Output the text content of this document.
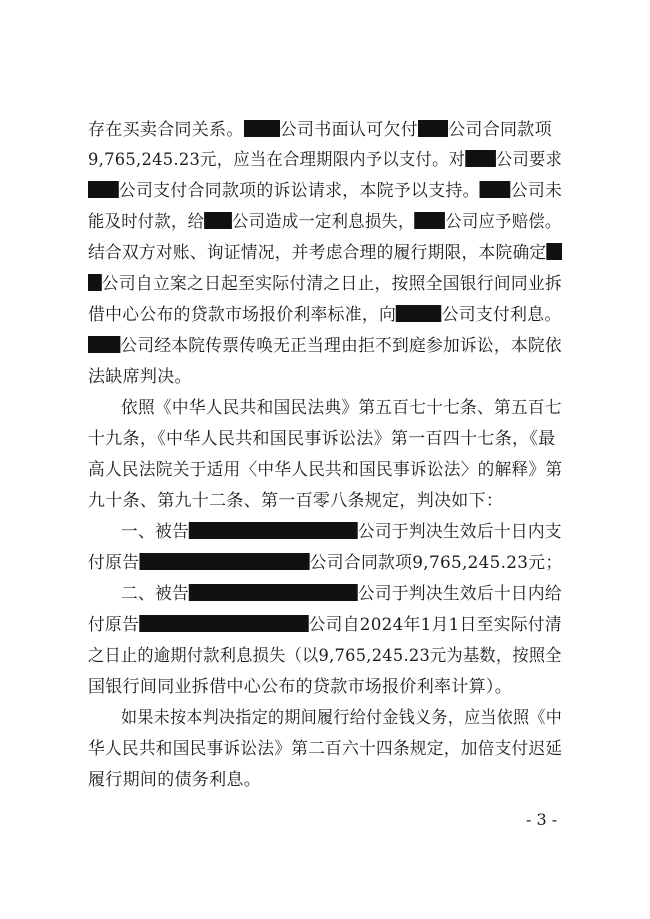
存在买卖合同关系。 公司书面认可欠付 公司合同款项
9,765,245.23元，应当在合理期限内予以支付。对 公司要求
公司支付合同款项的诉讼请求，本院予以支持。 公司未
能及时付款，给 公司造成一定利息损失， 公司应予赔偿。
结合双方对账、询证情况，并考虑合理的履行期限，本院确定
公司自立案之日起至实际付清之日止，按照全国银行间同业拆
借中心公布的贷款市场报价利率标准，向	公司支付利息。
公司经本院传票传唤无正当理由拒不到庭参加诉讼，本院依
法缺席判决。
依照《中华人民共和国民法典》第五百七十七条、第五百七
十九条，《中华人民共和国民事诉讼法》第一百四十七条，《最
高人民法院关于适用〈中华人民共和国民事诉讼法〉的解释》第
九十条、第九十二条、第一百零八条规定，判决如下：
一、被告	公司于判决生效后十日内支
付原告	公司合同款项9,765,245.23元；
二、被告	公司于判决生效后十日内给
付原告	公司自2024年1月1日至实际付清
之日止的逾期付款利息损失（以9,765,245.23元为基数，按照全
国银行间同业拆借中心公布的贷款市场报价利率计算）。
如果未按本判决指定的期间履行给付金钱义务，应当依照《中
华人民共和国民事诉讼法》第二百六十四条规定，加倍支付迟延
履行期间的债务利息。
- 3 -
